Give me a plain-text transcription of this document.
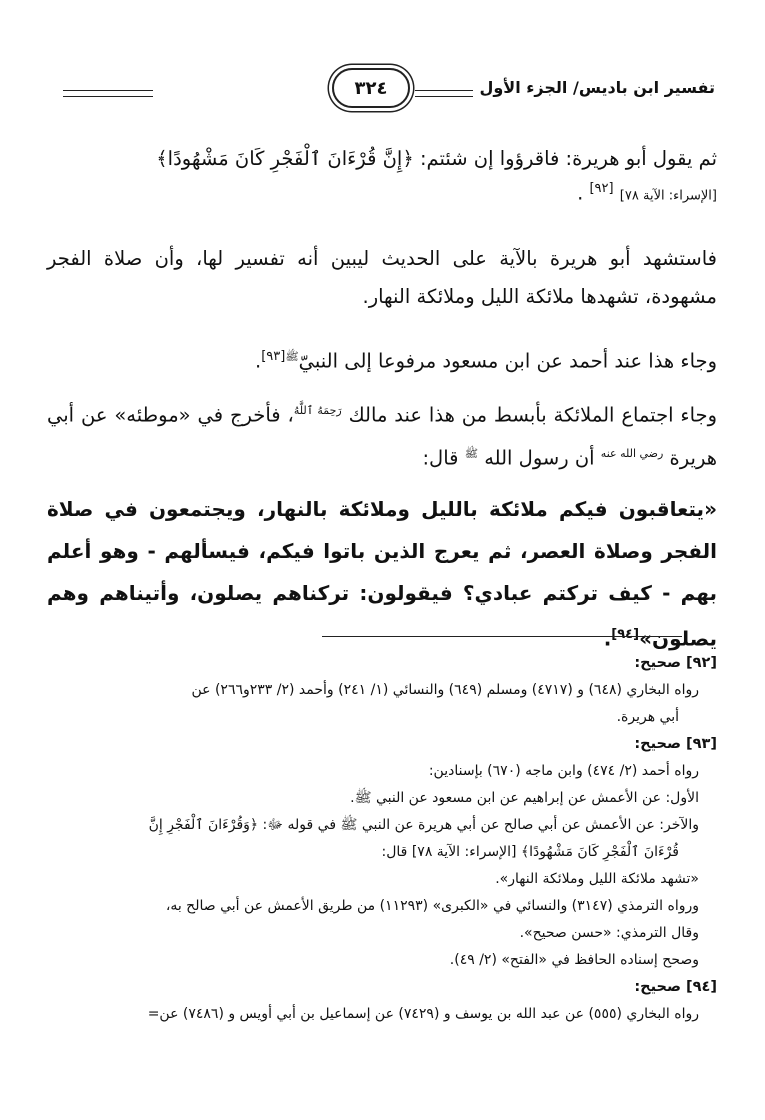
تفسير ابن باديس/ الجزء الأول
٣٢٤

ثم يقول أبو هريرة: فاقرؤوا إن شئتم: ﴿إِنَّ قُرْءَانَ ٱلْفَجْرِ كَانَ مَشْهُودًا﴾

[الإسراء: الآية ٧٨] [٩٢] .

فاستشهد أبو هريرة بالآية على الحديث ليبين أنه تفسير لها، وأن صلاة الفجر مشهودة، تشهدها ملائكة الليل وملائكة النهار.

وجاء هذا عند أحمد عن ابن مسعود مرفوعا إلى النبيّ$^{ﷺ[٩٣]}$.

وجاء اجتماع الملائكة بأبسط من هذا عند مالك $^{رَحِمَهُ ٱللَّهُ}$، فأخرج في «موطئه» عن أبي هريرة $^{رضي الله عنه}$ أن رسول الله $^ﷺ$ قال:

«يتعاقبون فيكم ملائكة بالليل وملائكة بالنهار، ويجتمعون في صلاة الفجر وصلاة العصر، ثم يعرج الذين باتوا فيكم، فيسألهم - وهو أعلم بهم - كيف تركتم عبادي؟ فيقولون: تركناهم يصلون، وأتيناهم وهم يصلون»[٩٤].

[٩٢] صحيح:

رواه البخاري (٦٤٨) و (٤٧١٧) ومسلم (٦٤٩) والنسائي (١/ ٢٤١) وأحمد (٢/ ٢٣٣و٢٦٦) عن

أبي هريرة.

[٩٣] صحيح:

رواه أحمد (٢/ ٤٧٤) وابن ماجه (٦٧٠) بإسنادين:

الأول: عن الأعمش عن إبراهيم عن ابن مسعود عن النبي ﷺ.

والآخر: عن الأعمش عن أبي صالح عن أبي هريرة عن النبي ﷺ في قوله ﷻ: ﴿وَقُرْءَانَ ٱلْفَجْرِ إِنَّ

قُرْءَانَ ٱلْفَجْرِ كَانَ مَشْهُودًا﴾ [الإسراء: الآية ٧٨] قال:

«تشهد ملائكة الليل وملائكة النهار».

ورواه الترمذي (٣١٤٧) والنسائي في «الكبرى» (١١٢٩٣) من طريق الأعمش عن أبي صالح به،

وقال الترمذي: «حسن صحيح».

وصحح إسناده الحافظ في «الفتح» (٢/ ٤٩).

[٩٤] صحيح:

رواه البخاري (٥٥٥) عن عبد الله بن يوسف و (٧٤٢٩) عن إسماعيل بن أبي أويس و (٧٤٨٦) عن=
